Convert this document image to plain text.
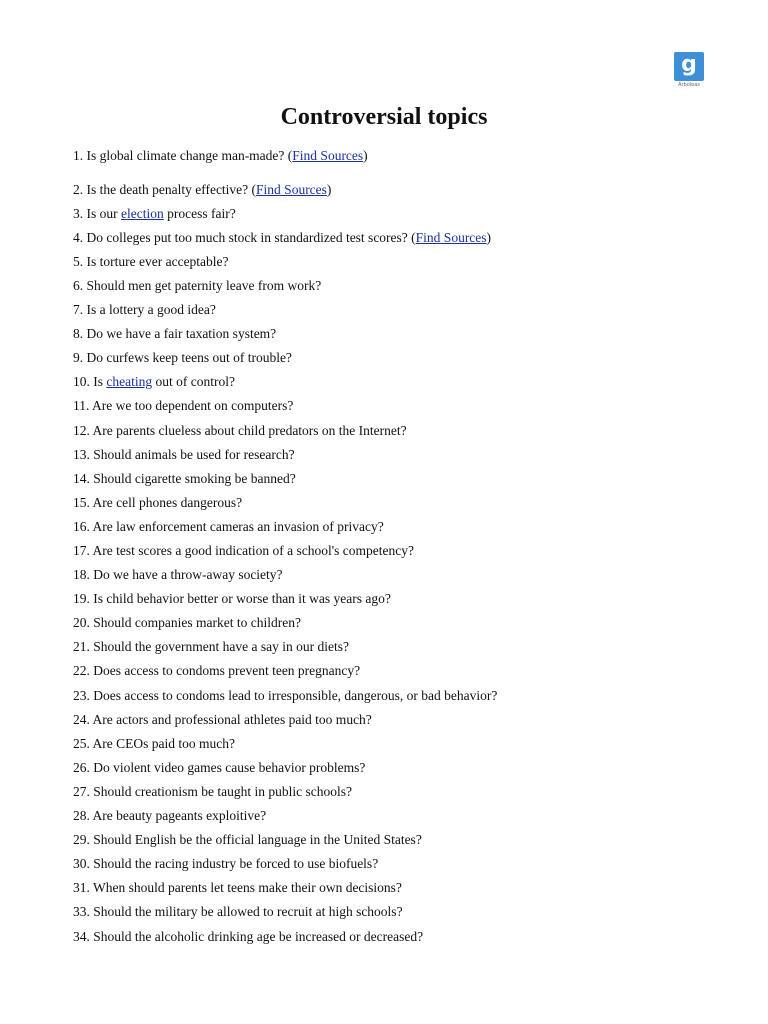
g
Arboleas
Controversial topics
1. Is global climate change man-made? (Find Sources)
2. Is the death penalty effective? (Find Sources)
3. Is our election process fair?
4. Do colleges put too much stock in standardized test scores? (Find Sources)
5. Is torture ever acceptable?
6. Should men get paternity leave from work?
7. Is a lottery a good idea?
8. Do we have a fair taxation system?
9. Do curfews keep teens out of trouble?
10. Is cheating out of control?
11. Are we too dependent on computers?
12. Are parents clueless about child predators on the Internet?
13. Should animals be used for research?
14. Should cigarette smoking be banned?
15. Are cell phones dangerous?
16. Are law enforcement cameras an invasion of privacy?
17. Are test scores a good indication of a school's competency?
18. Do we have a throw-away society?
19. Is child behavior better or worse than it was years ago?
20. Should companies market to children?
21. Should the government have a say in our diets?
22. Does access to condoms prevent teen pregnancy?
23. Does access to condoms lead to irresponsible, dangerous, or bad behavior?
24. Are actors and professional athletes paid too much?
25. Are CEOs paid too much?
26. Do violent video games cause behavior problems?
27. Should creationism be taught in public schools?
28. Are beauty pageants exploitive?
29. Should English be the official language in the United States?
30. Should the racing industry be forced to use biofuels?
31. When should parents let teens make their own decisions?
33. Should the military be allowed to recruit at high schools?
34. Should the alcoholic drinking age be increased or decreased?
